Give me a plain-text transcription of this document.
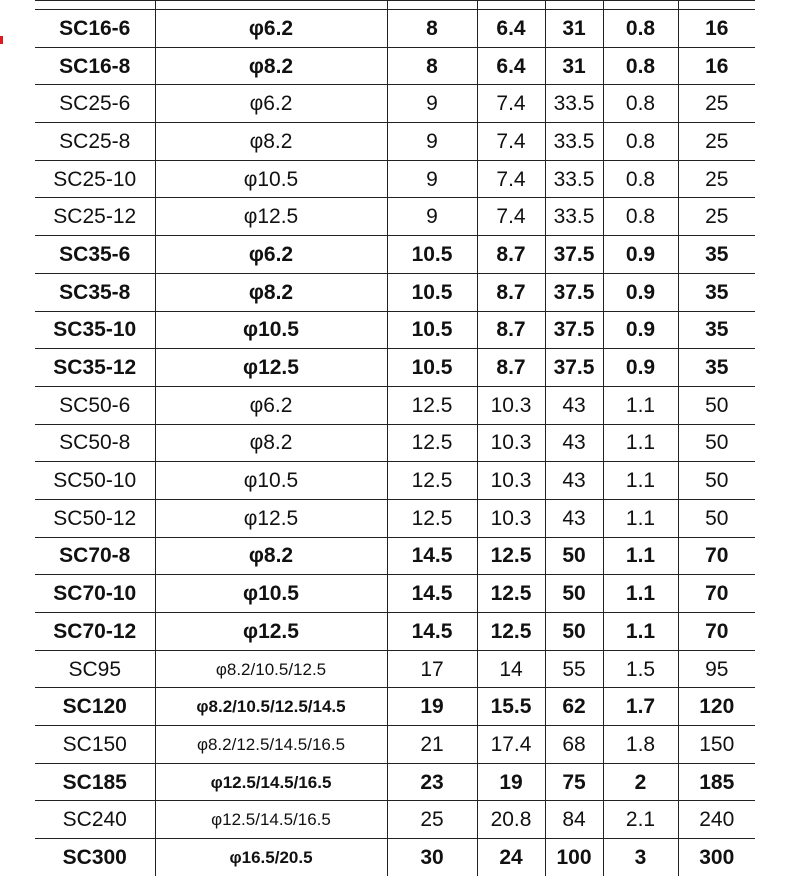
SC16-6	φ6.2	8	6.4	31	0.8	16
SC16-8	φ8.2	8	6.4	31	0.8	16
SC25-6	φ6.2	9	7.4	33.5	0.8	25
SC25-8	φ8.2	9	7.4	33.5	0.8	25
SC25-10	φ10.5	9	7.4	33.5	0.8	25
SC25-12	φ12.5	9	7.4	33.5	0.8	25
SC35-6	φ6.2	10.5	8.7	37.5	0.9	35
SC35-8	φ8.2	10.5	8.7	37.5	0.9	35
SC35-10	φ10.5	10.5	8.7	37.5	0.9	35
SC35-12	φ12.5	10.5	8.7	37.5	0.9	35
SC50-6	φ6.2	12.5	10.3	43	1.1	50
SC50-8	φ8.2	12.5	10.3	43	1.1	50
SC50-10	φ10.5	12.5	10.3	43	1.1	50
SC50-12	φ12.5	12.5	10.3	43	1.1	50
SC70-8	φ8.2	14.5	12.5	50	1.1	70
SC70-10	φ10.5	14.5	12.5	50	1.1	70
SC70-12	φ12.5	14.5	12.5	50	1.1	70
SC95	φ8.2/10.5/12.5	17	14	55	1.5	95
SC120	φ8.2/10.5/12.5/14.5	19	15.5	62	1.7	120
SC150	φ8.2/12.5/14.5/16.5	21	17.4	68	1.8	150
SC185	φ12.5/14.5/16.5	23	19	75	2	185
SC240	φ12.5/14.5/16.5	25	20.8	84	2.1	240
SC300	φ16.5/20.5	30	24	100	3	300
